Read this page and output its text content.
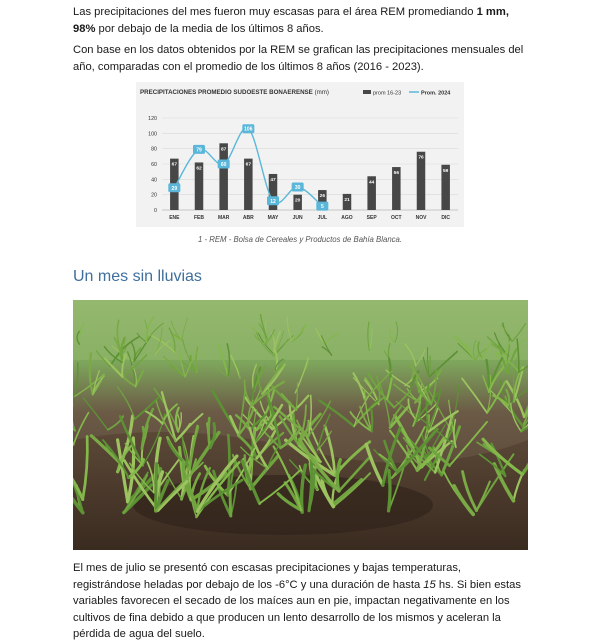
Las precipitaciones del mes fueron muy escasas para el área REM promediando 1 mm, 98% por debajo de la media de los últimos 8 años.

Con base en los datos obtenidos por la REM se grafican las precipitaciones mensuales del año, comparadas con el promedio de los últimos 8 años (2016 - 2023).

PRECIPITACIONES PROMEDIO SUDOESTE BONAERENSE (mm)	prom 16-23	Prom. 2024
0
20
40
60
80
100
120
67
62
87
67
47
20
26
21
44
56
76
59
ENE	FEB	MAR	ABR	MAY	JUN	JUL	AGO	SEP	OCT	NOV	DIC
29
79
60
106
12
30
5
1 - REM - Bolsa de Cereales y Productos de Bahía Blanca.
Un mes sin lluvias

El mes de julio se presentó con escasas precipitaciones y bajas temperaturas, registrándose heladas por debajo de los -6°C y una duración de hasta 15 hs. Si bien estas variables favorecen el secado de los maíces aun en pie, impactan negativamente en los cultivos de fina debido a que producen un lento desarrollo de los mismos y aceleran la pérdida de agua del suelo.
